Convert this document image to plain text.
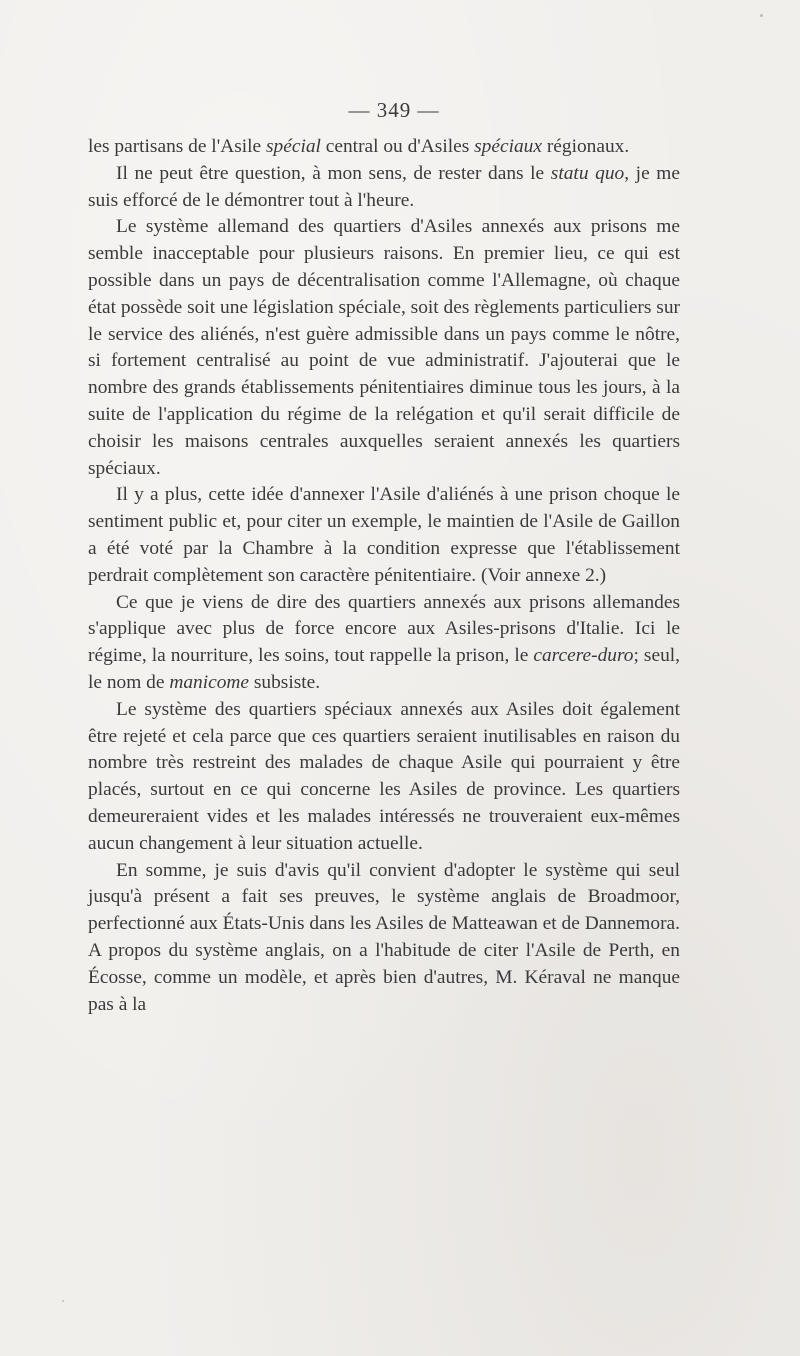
— 349 —

les partisans de l'Asile spécial central ou d'Asiles spéciaux régionaux.

Il ne peut être question, à mon sens, de rester dans le statu quo, je me suis efforcé de le démontrer tout à l'heure.

Le système allemand des quartiers d'Asiles annexés aux prisons me semble inacceptable pour plusieurs raisons. En premier lieu, ce qui est possible dans un pays de décentralisation comme l'Allemagne, où chaque état possède soit une législation spéciale, soit des règlements particuliers sur le service des aliénés, n'est guère admissible dans un pays comme le nôtre, si fortement centralisé au point de vue administratif. J'ajouterai que le nombre des grands établissements pénitentiaires diminue tous les jours, à la suite de l'application du régime de la relégation et qu'il serait difficile de choisir les maisons centrales auxquelles seraient annexés les quartiers spéciaux.

Il y a plus, cette idée d'annexer l'Asile d'aliénés à une prison choque le sentiment public et, pour citer un exemple, le maintien de l'Asile de Gaillon a été voté par la Chambre à la condition expresse que l'établissement perdrait complètement son caractère pénitentiaire. (Voir annexe 2.)

Ce que je viens de dire des quartiers annexés aux prisons allemandes s'applique avec plus de force encore aux Asiles-prisons d'Italie. Ici le régime, la nourriture, les soins, tout rappelle la prison, le carcere-duro; seul, le nom de manicome subsiste.

Le système des quartiers spéciaux annexés aux Asiles doit également être rejeté et cela parce que ces quartiers seraient inutilisables en raison du nombre très restreint des malades de chaque Asile qui pourraient y être placés, surtout en ce qui concerne les Asiles de province. Les quartiers demeureraient vides et les malades intéressés ne trouveraient eux-mêmes aucun changement à leur situation actuelle.

En somme, je suis d'avis qu'il convient d'adopter le système qui seul jusqu'à présent a fait ses preuves, le système anglais de Broadmoor, perfectionné aux États-Unis dans les Asiles de Matteawan et de Dannemora. A propos du système anglais, on a l'habitude de citer l'Asile de Perth, en Écosse, comme un modèle, et après bien d'autres, M. Kéraval ne manque pas à la
